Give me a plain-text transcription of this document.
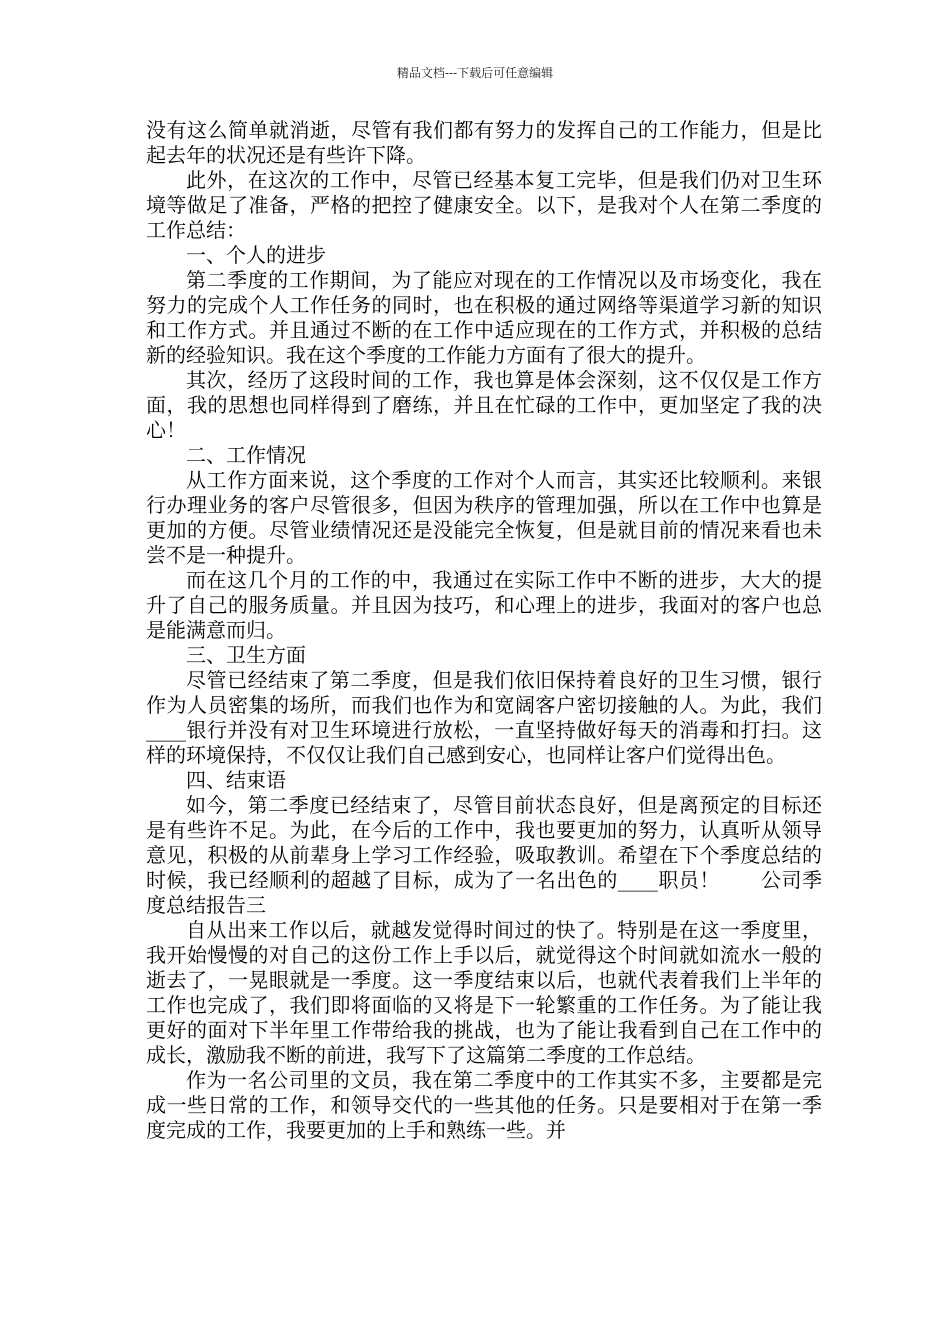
精品文档---下载后可任意编辑

没有这么简单就消逝，尽管有我们都有努力的发挥自己的工作能力，但是比起去年的状况还是有些许下降。

此外，在这次的工作中，尽管已经基本复工完毕，但是我们仍对卫生环境等做足了准备，严格的把控了健康安全。以下，是我对个人在第二季度的工作总结：

一、个人的进步

第二季度的工作期间，为了能应对现在的工作情况以及市场变化，我在努力的完成个人工作任务的同时，也在积极的通过网络等渠道学习新的知识和工作方式。并且通过不断的在工作中适应现在的工作方式，并积极的总结新的经验知识。我在这个季度的工作能力方面有了很大的提升。

其次，经历了这段时间的工作，我也算是体会深刻，这不仅仅是工作方面，我的思想也同样得到了磨练，并且在忙碌的工作中，更加坚定了我的决心！

二、工作情况

从工作方面来说，这个季度的工作对个人而言，其实还比较顺利。来银行办理业务的客户尽管很多，但因为秩序的管理加强，所以在工作中也算是更加的方便。尽管业绩情况还是没能完全恢复，但是就目前的情况来看也未尝不是一种提升。

而在这几个月的工作的中，我通过在实际工作中不断的进步，大大的提升了自己的服务质量。并且因为技巧，和心理上的进步，我面对的客户也总是能满意而归。

三、卫生方面

尽管已经结束了第二季度，但是我们依旧保持着良好的卫生习惯，银行作为人员密集的场所，而我们也作为和宽阔客户密切接触的人。为此，我们____银行并没有对卫生环境进行放松，一直坚持做好每天的消毒和打扫。这样的环境保持，不仅仅让我们自己感到安心，也同样让客户们觉得出色。

四、结束语

如今，第二季度已经结束了，尽管目前状态良好，但是离预定的目标还是有些许不足。为此，在今后的工作中，我也要更加的努力，认真听从领导意见，积极的从前辈身上学习工作经验，吸取教训。希望在下个季度总结的时候，我已经顺利的超越了目标，成为了一名出色的____职员！　　公司季度总结报告三

自从出来工作以后，就越发觉得时间过的快了。特别是在这一季度里，我开始慢慢的对自己的这份工作上手以后，就觉得这个时间就如流水一般的逝去了，一晃眼就是一季度。这一季度结束以后，也就代表着我们上半年的工作也完成了，我们即将面临的又将是下一轮繁重的工作任务。为了能让我更好的面对下半年里工作带给我的挑战，也为了能让我看到自己在工作中的成长，激励我不断的前进，我写下了这篇第二季度的工作总结。

作为一名公司里的文员，我在第二季度中的工作其实不多，主要都是完成一些日常的工作，和领导交代的一些其他的任务。只是要相对于在第一季度完成的工作，我要更加的上手和熟练一些。并
